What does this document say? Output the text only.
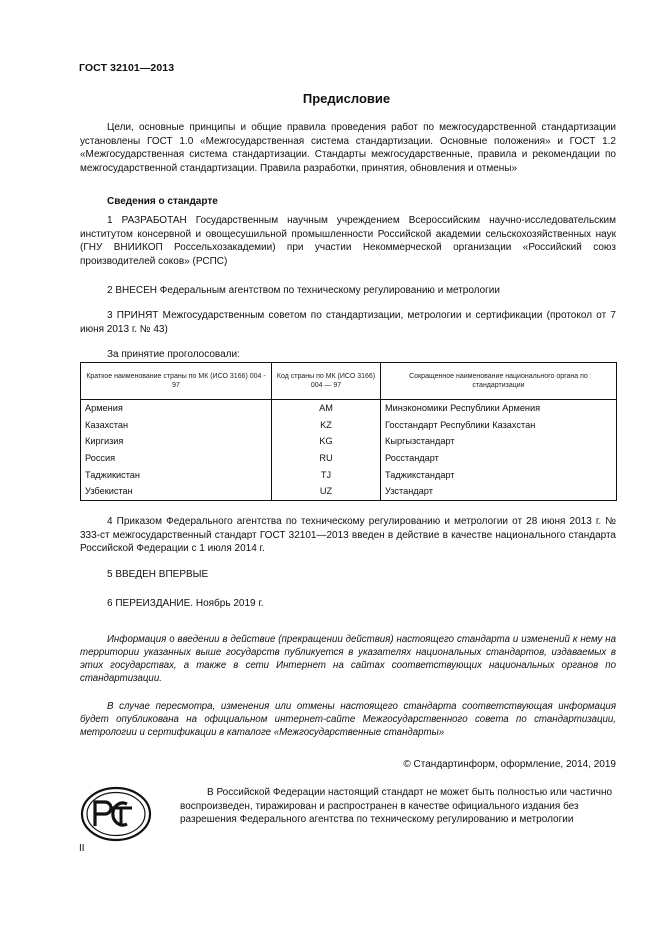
ГОСТ 32101—2013
Предисловие
Цели, основные принципы и общие правила проведения работ по межгосударственной стандартизации установлены ГОСТ 1.0 «Межгосударственная система стандартизации. Основные положения» и ГОСТ 1.2 «Межгосударственная система стандартизации. Стандарты межгосударственные, правила и рекомендации по межгосударственной стандартизации. Правила разработки, принятия, обновления и отмены»
Сведения о стандарте
1 РАЗРАБОТАН Государственным научным учреждением Всероссийским научно-исследовательским институтом консервной и овощесушильной промышленности Российской академии сельскохозяйственных наук (ГНУ ВНИИКОП Россельхозакадемии) при участии Некоммерческой организации «Российский союз производителей соков» (РСПС)
2 ВНЕСЕН Федеральным агентством по техническому регулированию и метрологии
3 ПРИНЯТ Межгосударственным советом по стандартизации, метрологии и сертификации (протокол от 7 июня 2013 г. № 43)
За принятие проголосовали:
Краткое наименование страны по МК (ИСО 3166) 004 - 97	Код страны по МК (ИСО 3166) 004 — 97	Сокращенное наименование национального органа по стандартизации
Армения	AM	Минэкономики Республики Армения
Казахстан	KZ	Госстандарт Республики Казахстан
Киргизия	KG	Кыргызстандарт
Россия	RU	Росстандарт
Таджикистан	TJ	Таджикстандарт
Узбекистан	UZ	Узстандарт
4 Приказом Федерального агентства по техническому регулированию и метрологии от 28 июня 2013 г. № 333-ст межгосударственный стандарт ГОСТ 32101—2013 введен в действие в качестве национального стандарта Российской Федерации с 1 июля 2014 г.
5 ВВЕДЕН ВПЕРВЫЕ
6 ПЕРЕИЗДАНИЕ. Ноябрь 2019 г.
Информация о введении в действие (прекращении действия) настоящего стандарта и изменений к нему на территории указанных выше государств публикуется в указателях национальных стандартов, издаваемых в этих государствах, а также в сети Интернет на сайтах соответствующих национальных органов по стандартизации.
В случае пересмотра, изменения или отмены настоящего стандарта соответствующая информация будет опубликована на официальном интернет-сайте Межгосударственного совета по стандартизации, метрологии и сертификации в каталоге «Межгосударственные стандарты»
© Стандартинформ, оформление, 2014, 2019
В Российской Федерации настоящий стандарт не может быть полностью или частично воспроизведен, тиражирован и распространен в качестве официального издания без разрешения Федерального агентства по техническому регулированию и метрологии
II
